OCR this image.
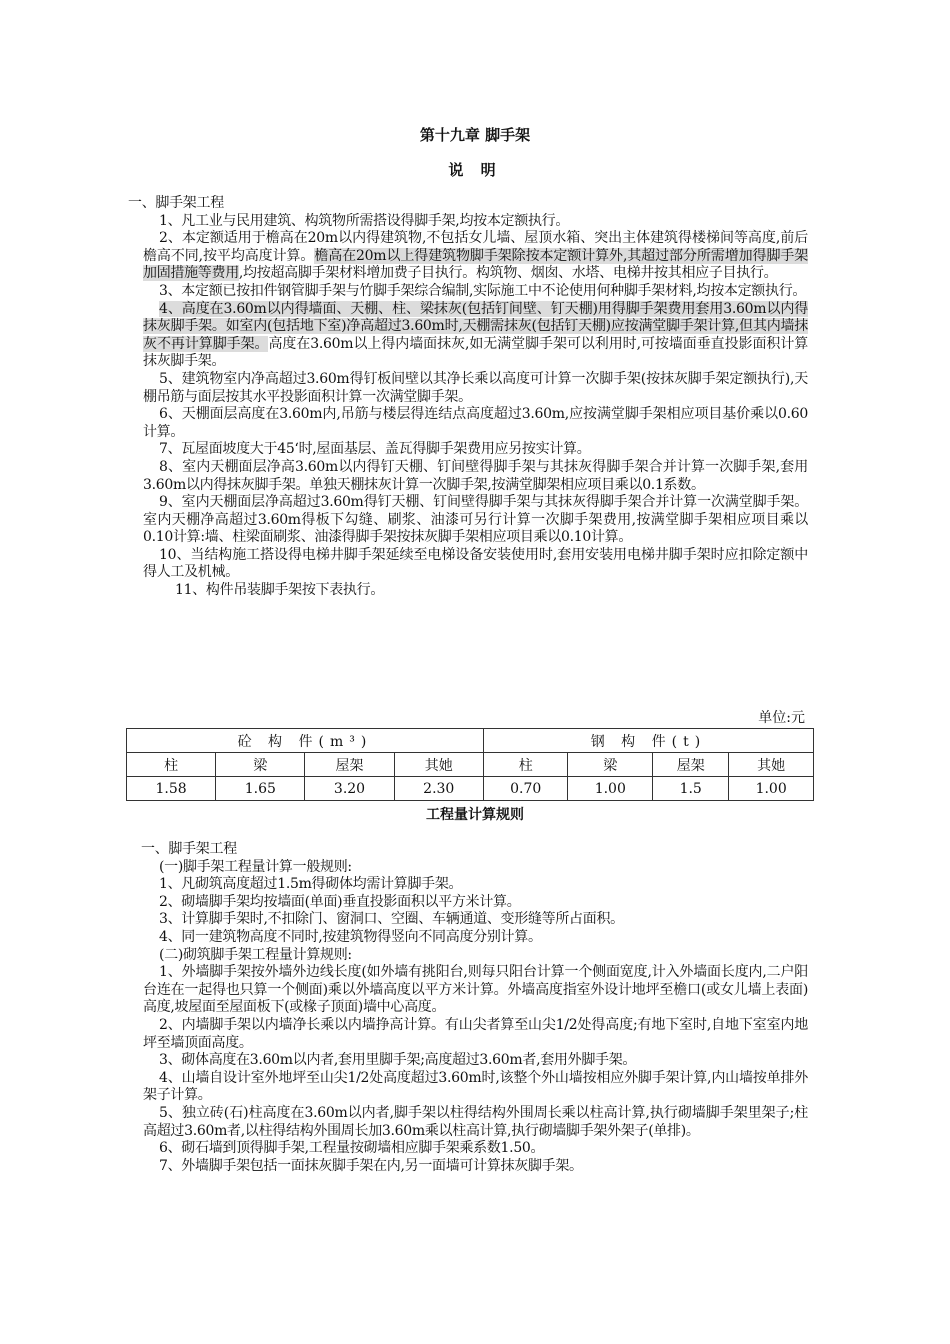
第十九章 脚手架
说 明

一、脚手架工程

1、凡工业与民用建筑、构筑物所需搭设得脚手架,均按本定额执行。

2、本定额适用于檐高在20m以内得建筑物,不包括女儿墙、屋顶水箱、突出主体建筑得楼梯间等高度,前后檐高不同,按平均高度计算。檐高在20m以上得建筑物脚手架除按本定额计算外,其超过部分所需增加得脚手架加固措施等费用,均按超高脚手架材料增加费子目执行。构筑物、烟囱、水塔、电梯井按其相应子目执行。

3、本定额已按扣件钢管脚手架与竹脚手架综合编制,实际施工中不论使用何种脚手架材料,均按本定额执行。

4、高度在3.60m以内得墙面、天棚、柱、梁抹灰(包括钉间壁、钉天棚)用得脚手架费用套用3.60m以内得抹灰脚手架。如室内(包括地下室)净高超过3.60m时,天棚需抹灰(包括钉天棚)应按满堂脚手架计算,但其内墙抹灰不再计算脚手架。高度在3.60m以上得内墙面抹灰,如无满堂脚手架可以利用时,可按墙面垂直投影面积计算抹灰脚手架。

5、建筑物室内净高超过3.60m得钉板间壁以其净长乘以高度可计算一次脚手架(按抹灰脚手架定额执行),天棚吊筋与面层按其水平投影面积计算一次满堂脚手架。

6、天棚面层高度在3.60m内,吊筋与楼层得连结点高度超过3.60m,应按满堂脚手架相应项目基价乘以0.60计算。

7、瓦屋面坡度大于45‘时,屋面基层、盖瓦得脚手架费用应另按实计算。

8、室内天棚面层净高3.60m以内得钉天棚、钉间壁得脚手架与其抹灰得脚手架合并计算一次脚手架,套用3.60m以内得抹灰脚手架。单独天棚抹灰计算一次脚手架,按满堂脚架相应项目乘以0.1系数。

9、室内天棚面层净高超过3.60m得钉天棚、钉间壁得脚手架与其抹灰得脚手架合并计算一次满堂脚手架。室内天棚净高超过3.60m得板下勾缝、刷浆、油漆可另行计算一次脚手架费用,按满堂脚手架相应项目乘以0.10计算:墙、柱梁面刷浆、油漆得脚手架按抹灰脚手架相应项目乘以0.10计算。

10、当结构施工搭设得电梯井脚手架延续至电梯设备安装使用时,套用安装用电梯井脚手架时应扣除定额中得人工及机械。

11、构件吊装脚手架按下表执行。

单位:元
砼 构 件(m³)				钢 构 件(t)			
柱	梁	屋架	其她	柱	梁	屋架	其她
1.58	1.65	3.20	2.30	0.70	1.00	1.5	1.00
工程量计算规则

一、脚手架工程

(一)脚手架工程量计算一般规则:

1、凡砌筑高度超过1.5m得砌体均需计算脚手架。

2、砌墙脚手架均按墙面(单面)垂直投影面积以平方米计算。

3、计算脚手架时,不扣除门、窗洞口、空圈、车辆通道、变形缝等所占面积。

4、同一建筑物高度不同时,按建筑物得竖向不同高度分别计算。

(二)砌筑脚手架工程量计算规则:

1、外墙脚手架按外墙外边线长度(如外墙有挑阳台,则每只阳台计算一个侧面宽度,计入外墙面长度内,二户阳台连在一起得也只算一个侧面)乘以外墙高度以平方米计算。外墙高度指室外设计地坪至檐口(或女儿墙上表面)高度,坡屋面至屋面板下(或椽子顶面)墙中心高度。

2、内墙脚手架以内墙净长乘以内墙挣高计算。有山尖者算至山尖1/2处得高度;有地下室时,自地下室室内地坪至墙顶面高度。

3、砌体高度在3.60m以内者,套用里脚手架;高度超过3.60m者,套用外脚手架。

4、山墙自设计室外地坪至山尖1/2处高度超过3.60m时,该整个外山墙按相应外脚手架计算,内山墙按单排外架子计算。

5、独立砖(石)柱高度在3.60m以内者,脚手架以柱得结构外围周长乘以柱高计算,执行砌墙脚手架里架子;柱高超过3.60m者,以柱得结构外围周长加3.60m乘以柱高计算,执行砌墙脚手架外架子(单排)。

6、砌石墙到顶得脚手架,工程量按砌墙相应脚手架乘系数1.50。

7、外墙脚手架包括一面抹灰脚手架在内,另一面墙可计算抹灰脚手架。
